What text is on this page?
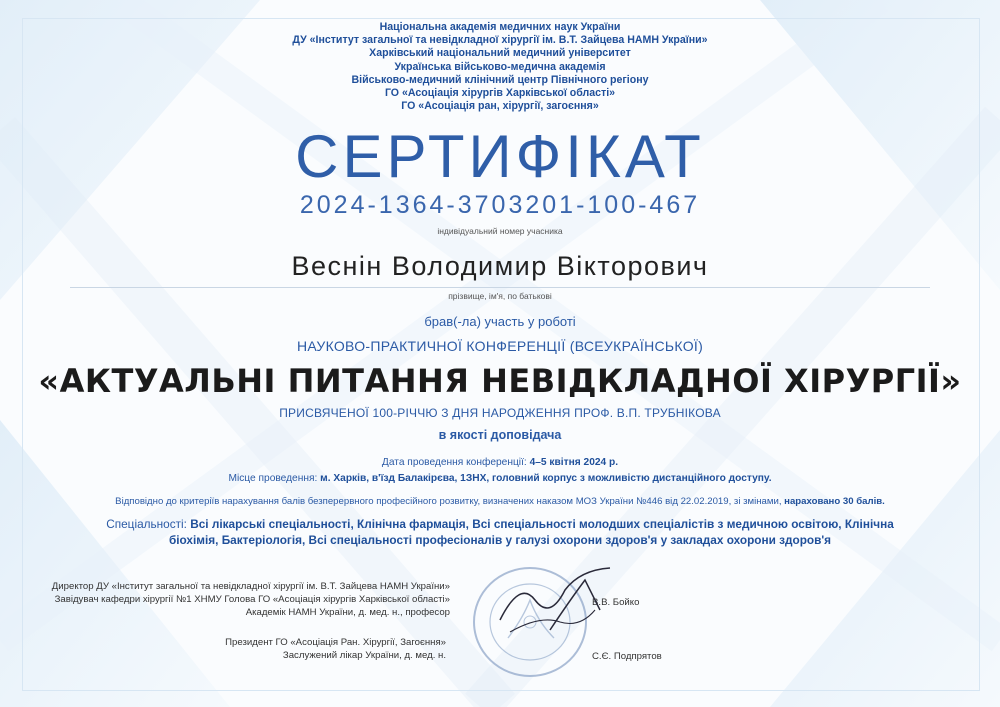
Національна академія медичних наук України
ДУ «Інститут загальної та невідкладної хірургії ім. В.Т. Зайцева НАМН України»
Харківський національний медичний університет
Українська військово-медична академія
Військово-медичний клінічний центр Північного регіону
ГО «Асоціація хірургів Харківської області»
ГО «Асоціація ран, хірургії, загоєння»
СЕРТИФІКАТ
2024-1364-3703201-100-467
індивідуальний номер учасника
Веснін Володимир Вікторович
прізвище, ім'я, по батькові
брав(-ла) участь у роботі
НАУКОВО-ПРАКТИЧНОЇ КОНФЕРЕНЦІЇ (ВСЕУКРАЇНСЬКОЇ)
«АКТУАЛЬНІ ПИТАННЯ НЕВІДКЛАДНОЇ ХІРУРГІЇ»
ПРИСВЯЧЕНОЇ 100-РІЧЧЮ З ДНЯ НАРОДЖЕННЯ ПРОФ. В.П. ТРУБНІКОВА
в якості доповідача
Дата проведення конференції: 4–5 квітня 2024 р.
Місце проведення: м. Харків, в'їзд Балакірєва, 1ЗНХ, головний корпус з можливістю дистанційного доступу.
Відповідно до критеріїв нарахування балів безперервного професійного розвитку, визначених наказом МОЗ України №446 від 22.02.2019, зі змінами, нараховано 30 балів.
Спеціальності: Всі лікарські спеціальності, Клінічна фармація, Всі спеціальності молодших спеціалістів з медичною освітою, Клінічна біохімія, Бактеріологія, Всі спеціальності професіоналів у галузі охорони здоров'я у закладах охорони здоров'я
Директор ДУ «Інститут загальної та невідкладної хірургії ім. В.Т. Зайцева НАМН України»
Завідувач кафедри хірургії №1 ХНМУ Голова ГО «Асоціація хірургів Харківської області»
Академік НАМН України, д. мед. н., професор
В.В. Бойко
Президент ГО «Асоціація Ран. Хірургії, Загоєння»
Заслужений лікар України, д. мед. н.	С.Є. Подпрятов
